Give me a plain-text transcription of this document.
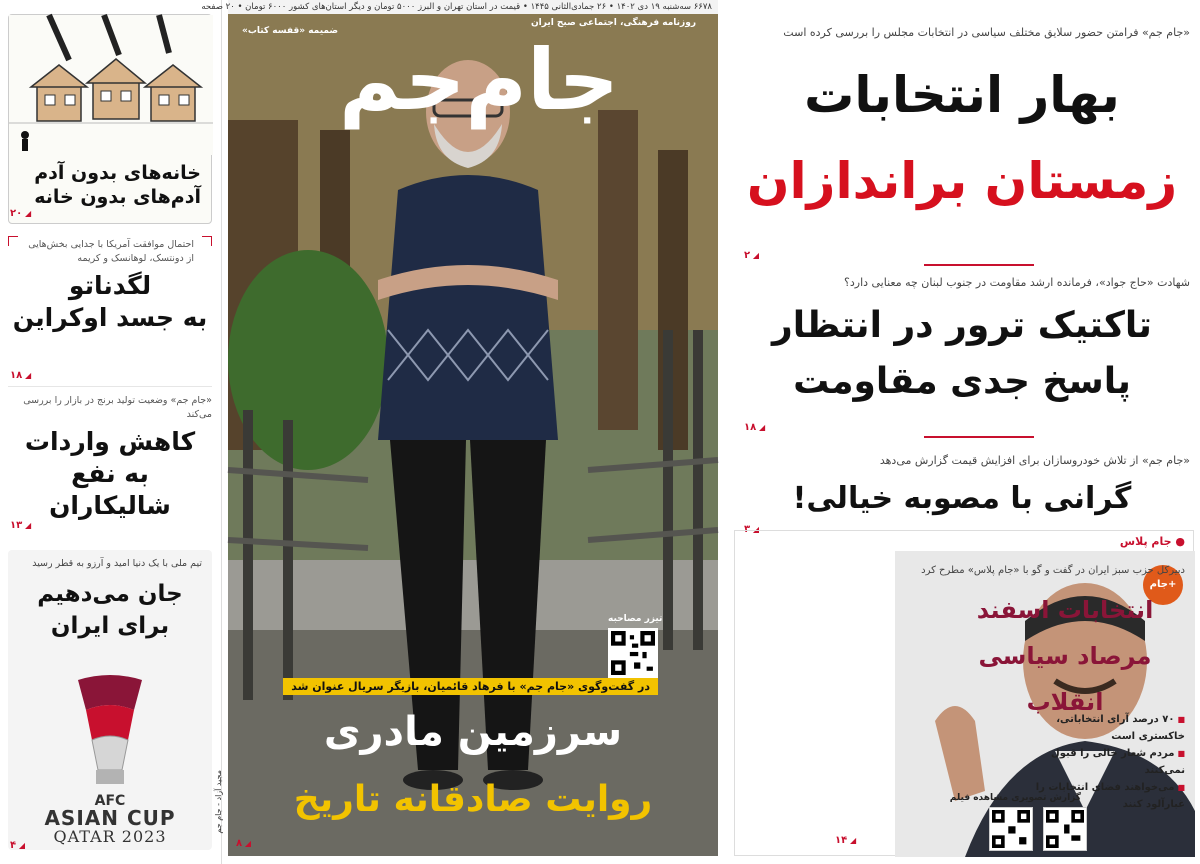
خانه‌های بدون آدم
آدم‌های بدون خانه
۲۰ ◢
احتمال موافقت آمریکا با جدایی بخش‌هایی از دونتسک، لوهانسک و کریمه
لگدناتو
به جسد اوکراین
۱۸ ◢
«جام جم» وضعیت تولید برنج در بازار را بررسی می‌کند
کاهش واردات
به نفع شالیکاران
۱۳ ◢
تیم ملی با یک دنیا امید و آرزو به قطر رسید
جان می‌دهیم
برای ایران
AFC
ASIAN CUP
QATAR 2023
۴ ◢
مجید آزاد - جام جم
۶۶۷۸ سه‌شنبه ۱۹ دی ۱۴۰۲ • ۲۶ جمادی‌الثانی ۱۴۴۵ • قیمت در استان تهران و البرز ۵۰۰۰ تومان و دیگر استان‌های کشور ۶۰۰۰ تومان • ۲۰ صفحه
روزنامه فرهنگی، اجتماعی صبح ایران
ضمیمه «قفسه کتاب» جام‌جم
تیزر مصاحبه
در گفت‌وگوی «جام جم» با فرهاد قائمیان، بازیگر سریال عنوان شد
سرزمین مادری
روایت صادقانه تاریخ
۸ ◢
«جام جم» فرامتن حضور سلایق مختلف سیاسی در انتخابات مجلس را بررسی کرده است
بهار انتخابات
زمستان براندازان
۲ ◢
شهادت «حاج جواد»، فرمانده ارشد مقاومت در جنوب لبنان چه معنایی دارد؟
تاکتیک ترور در انتظار
پاسخ جدی مقاومت
۱۸ ◢
«جام جم» از تلاش خودروسازان برای افزایش قیمت گزارش می‌دهد
گرانی با مصوبه خیالی!
۳ ◢
● جام پلاس
+جام
دبیرکل حزب سبز ایران در گفت و گو با «جام پلاس» مطرح کرد
انتخابات اسفند
مرصاد سیاسی انقلاب
■ ۷۰ درصد آرای انتخاباتی، خاکستری است
■ مردم شعار خالی را قبول نمی‌کنند
■ می‌خواهند فضای انتخابات را غبارآلود کنند
گزارش تصویری مشاهده فیلم
۱۴ ◢
